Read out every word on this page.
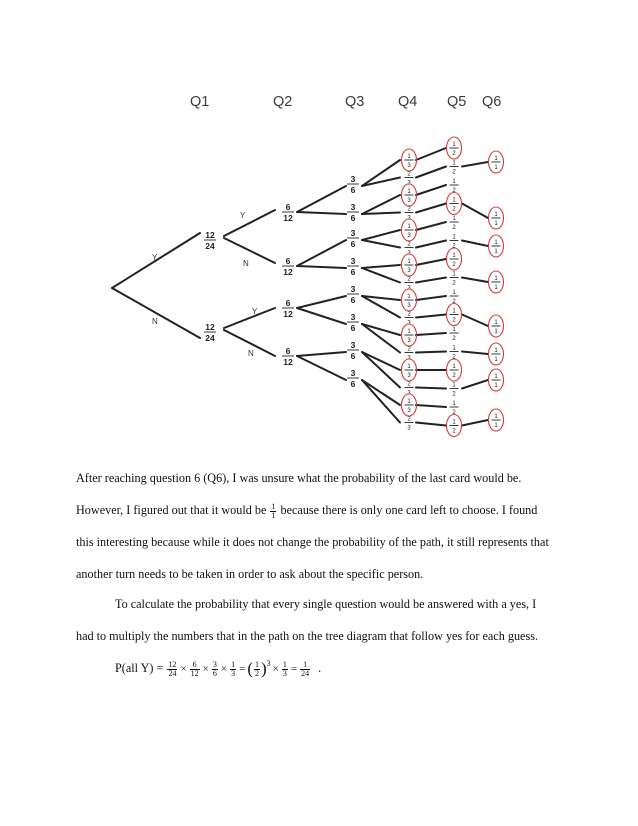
Q1	Q2	Q3 Q4 Q5 Q6
Y
N
Y
N
Y
N
12
24
12
24
6
12
6
12
6
12
6
12
3
6
3
6
3
6
3
6
3
6
3
6
3
6
3
6
1
3
2
3
1
3
2
3
1
3
2
3
1
3
2
3
1
3
2
3
1
3
2
3
1
3
2
3
1
3
2
3
1
2
1
2
1
2
1
2
1
2
1
2
1
2
1
2
1
2
1
2
1
2
1
2
1
2
1
2
1
2
1
2
1
1
1
1
1
1
1
1
1
1
1
1
1
1
1
1
After reaching question 6 (Q6), I was unsure what the probability of the last card would be.
However, I figured out that it would be $\frac{1}{1}$ because there is only one card left to choose. I found
this interesting because while it does not change the probability of the path, it still represents that
another turn needs to be taken in order to ask about the specific person.
To calculate the probability that every single question would be answered with a yes, I
had to multiply the numbers that in the path on the tree diagram that follow yes for each guess.
P(all $Y) = \frac{12}{24} \times \frac{6}{12} \times \frac{3}{6} \times \frac{1}{3}$ = ( $\frac{1}{2} )^3 \times \frac{1}{3} = \frac{1}{24}$ .
